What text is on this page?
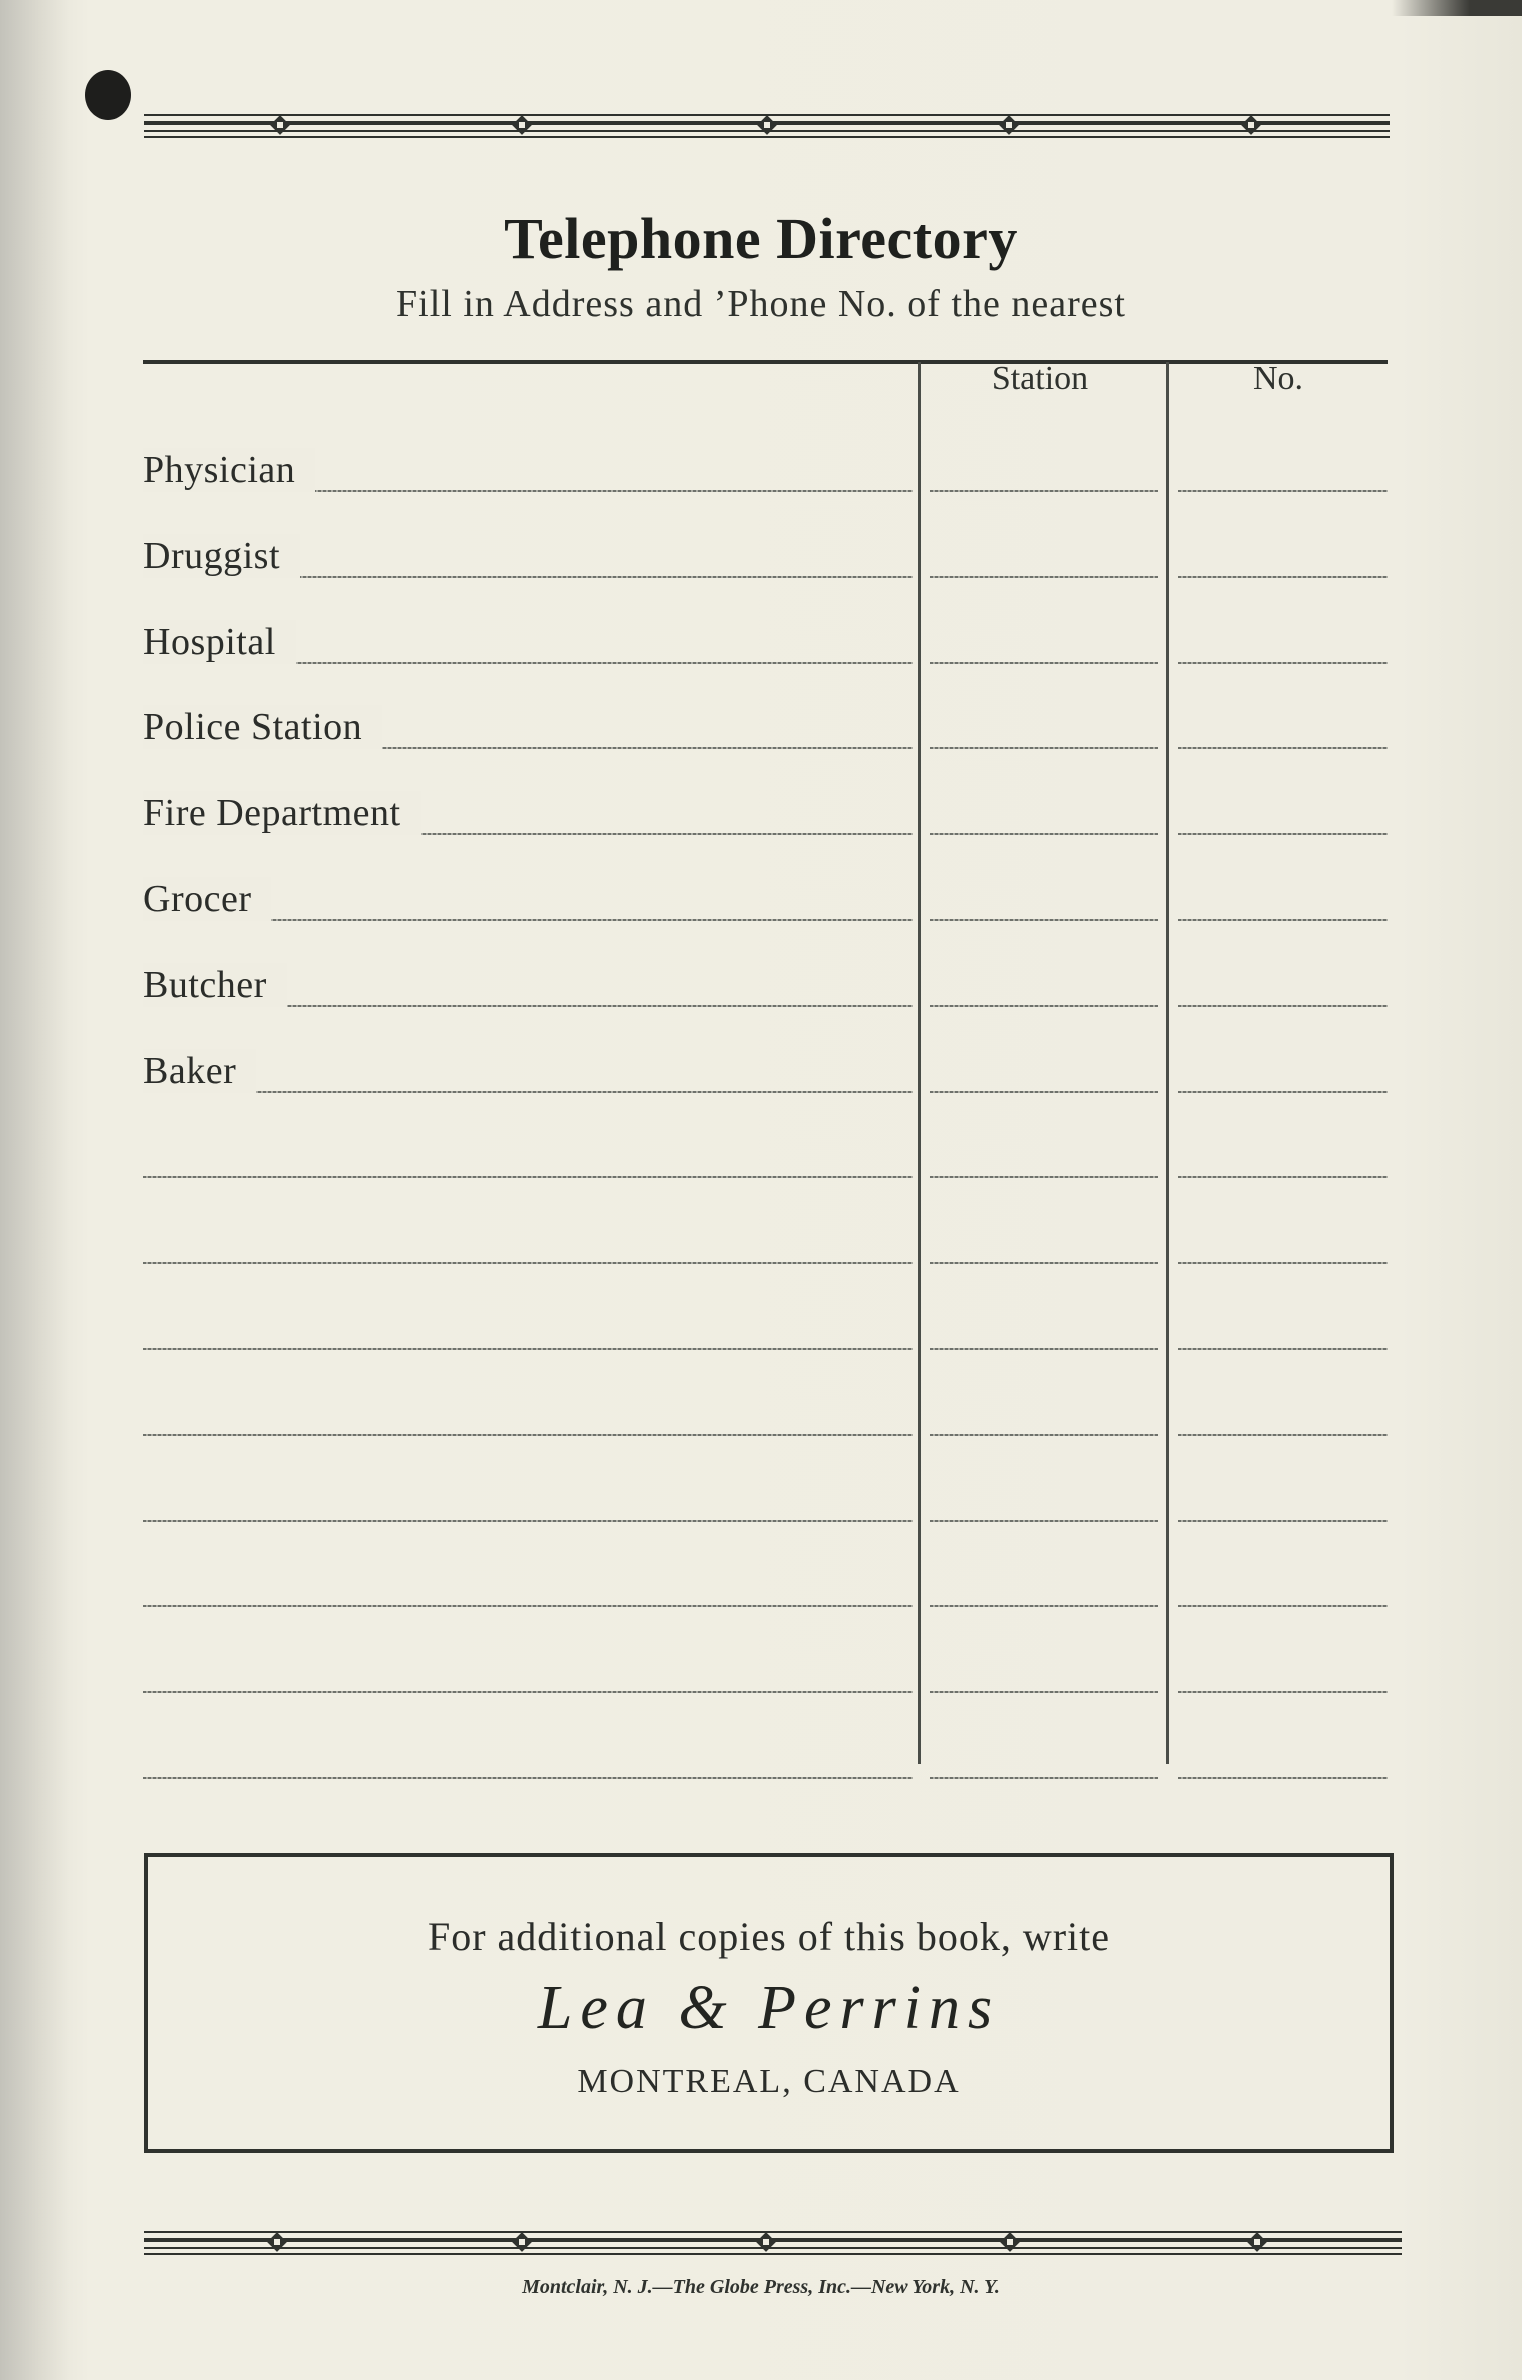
Telephone Directory
Fill in Address and ’Phone No. of the nearest
Station	No.
Physician
Druggist
Hospital
Police Station
Fire Department
Grocer
Butcher
Baker
For additional copies of this book, write
Lea & Perrins
MONTREAL, CANADA
Montclair, N. J.—The Globe Press, Inc.—New York, N. Y.
